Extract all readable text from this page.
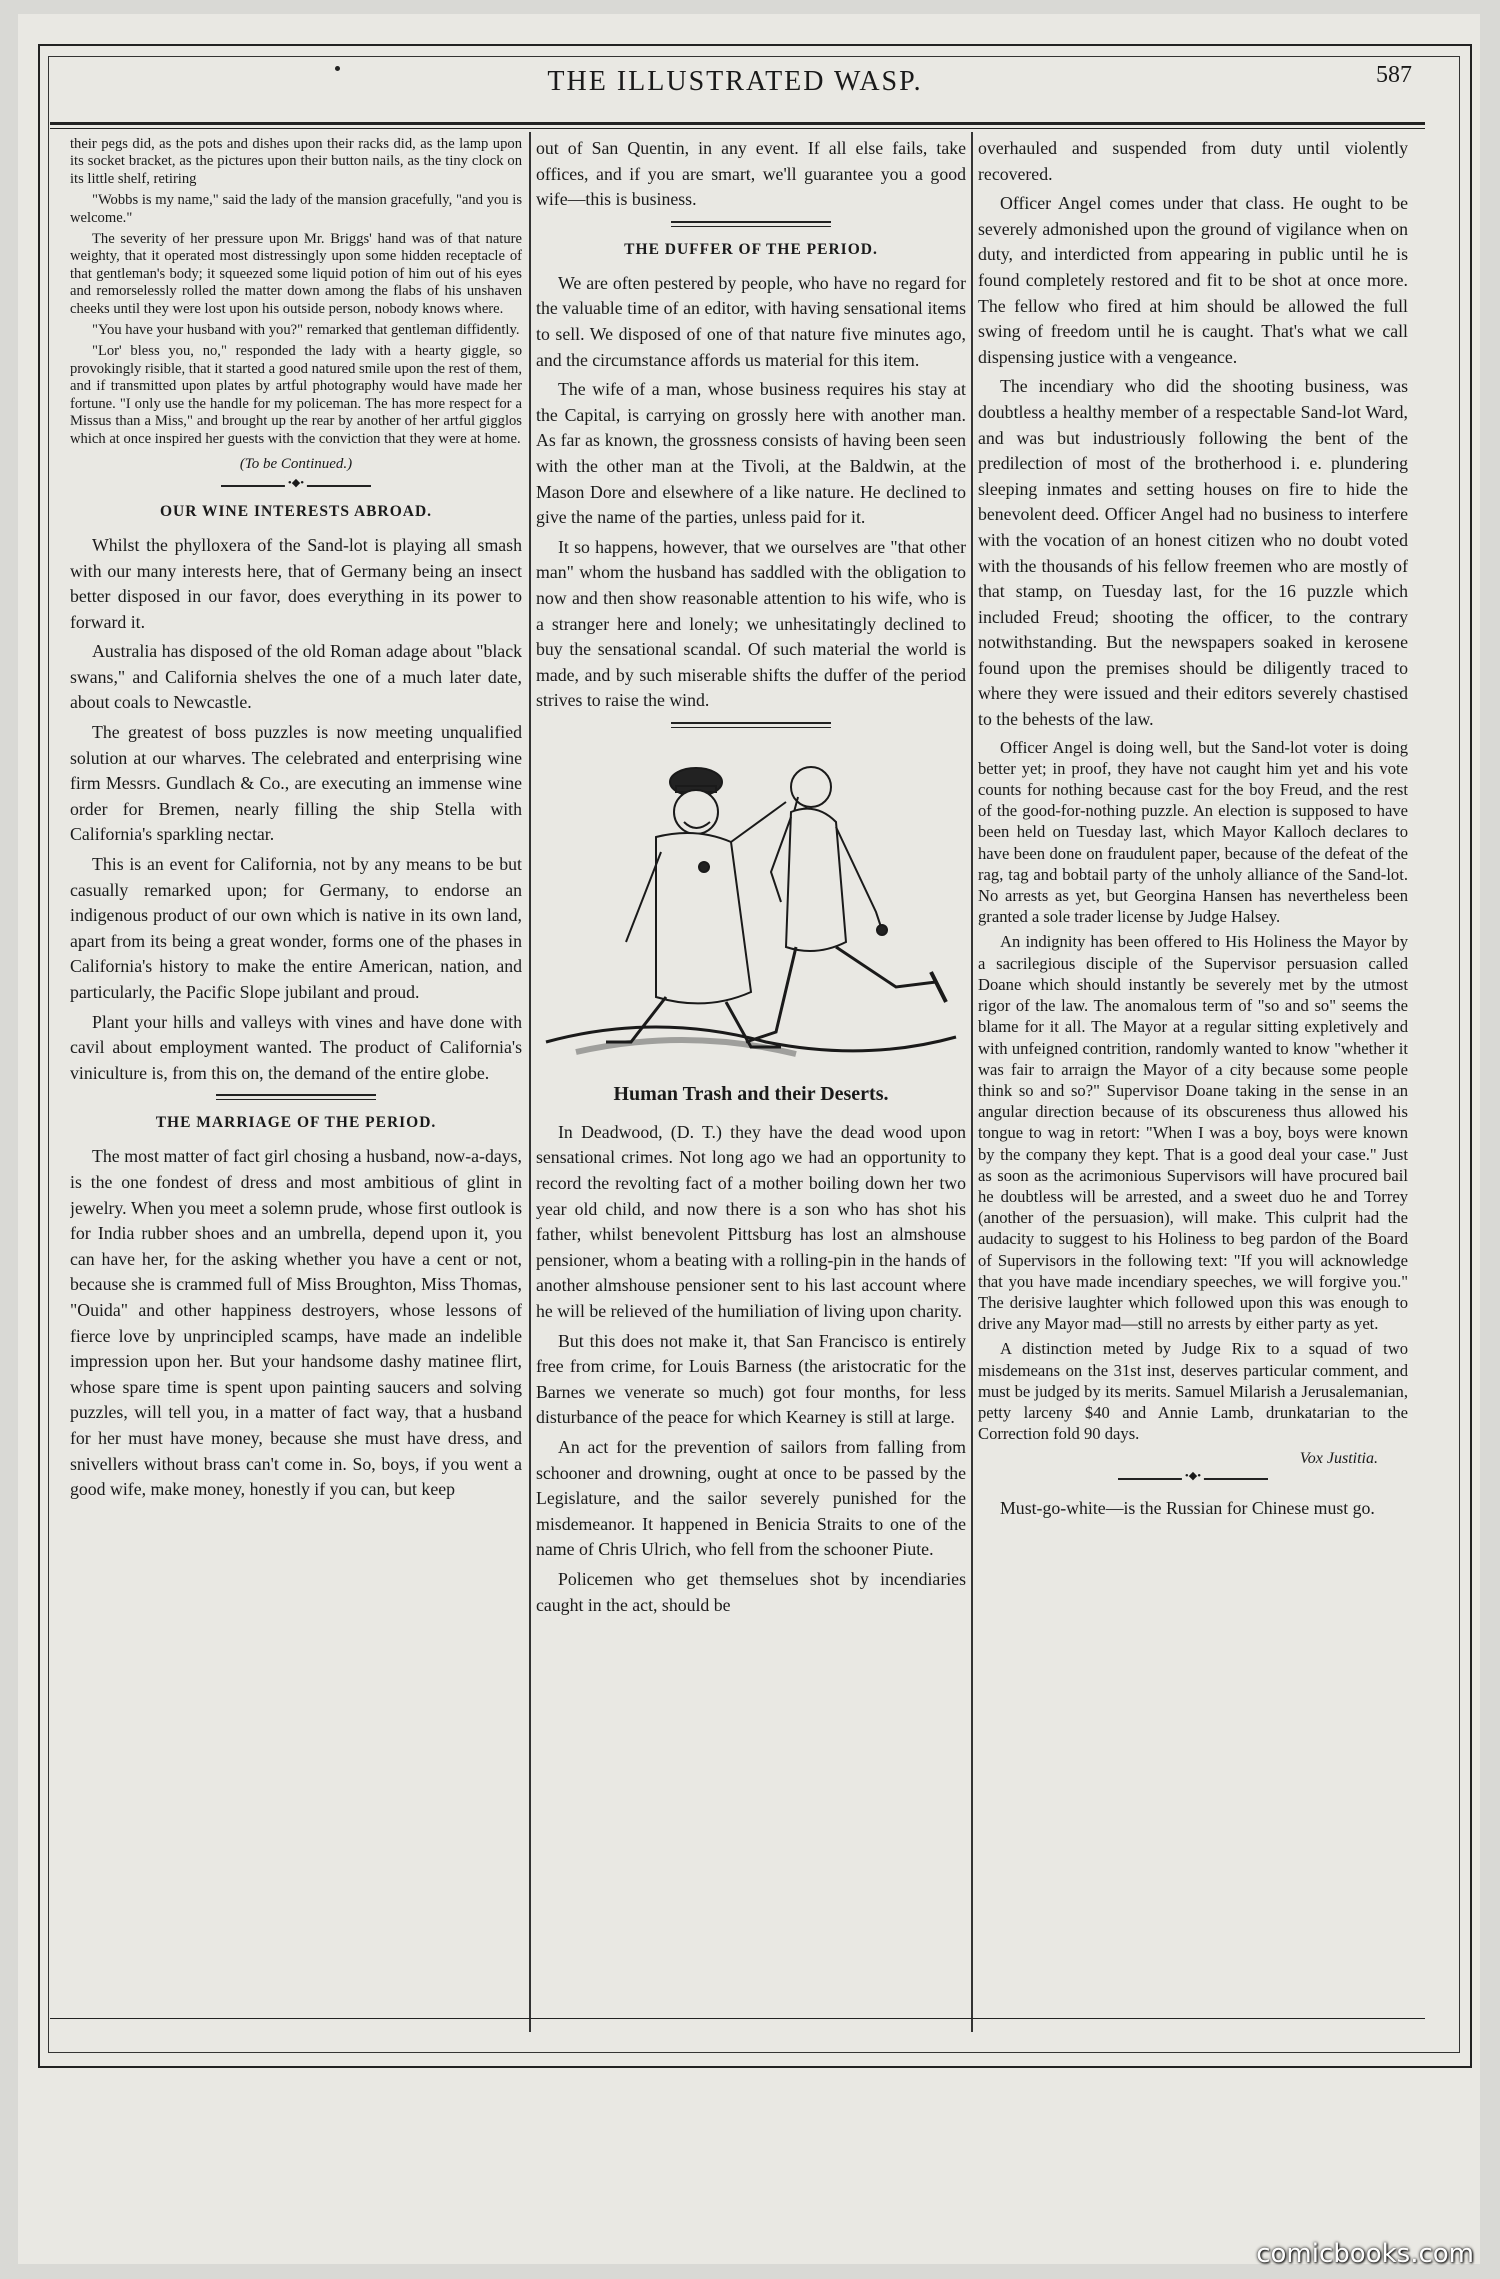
THE ILLUSTRATED WASP.	587

their pegs did, as the pots and dishes upon their racks did, as the lamp upon its socket bracket, as the pictures upon their button nails, as the tiny clock on its little shelf, retiring

"Wobbs is my name," said the lady of the mansion gracefully, "and you is welcome."

The severity of her pressure upon Mr. Briggs' hand was of that nature weighty, that it operated most distressingly upon some hidden receptacle of that gentleman's body; it squeezed some liquid potion of him out of his eyes and remorselessly rolled the matter down among the flabs of his unshaven cheeks until they were lost upon his outside person, nobody knows where.

"You have your husband with you?" remarked that gentleman diffidently.

"Lor' bless you, no," responded the lady with a hearty giggle, so provokingly risible, that it started a good natured smile upon the rest of them, and if transmitted upon plates by artful photography would have made her fortune. "I only use the handle for my policeman. The has more respect for a Missus than a Miss," and brought up the rear by another of her artful gigglos which at once inspired her guests with the conviction that they were at home.

(To be Continued.)
•◆•
OUR WINE INTERESTS ABROAD.

Whilst the phylloxera of the Sand-lot is playing all smash with our many interests here, that of Germany being an insect better disposed in our favor, does everything in its power to forward it.

Australia has disposed of the old Roman adage about "black swans," and California shelves the one of a much later date, about coals to Newcastle.

The greatest of boss puzzles is now meeting unqualified solution at our wharves. The celebrated and enterprising wine firm Messrs. Gundlach & Co., are executing an immense wine order for Bremen, nearly filling the ship Stella with California's sparkling nectar.

This is an event for California, not by any means to be but casually remarked upon; for Germany, to endorse an indigenous product of our own which is native in its own land, apart from its being a great wonder, forms one of the phases in California's history to make the entire American, nation, and particularly, the Pacific Slope jubilant and proud.

Plant your hills and valleys with vines and have done with cavil about employment wanted. The product of California's viniculture is, from this on, the demand of the entire globe.

THE MARRIAGE OF THE PERIOD.

The most matter of fact girl chosing a husband, now-a-days, is the one fondest of dress and most ambitious of glint in jewelry. When you meet a solemn prude, whose first outlook is for India rubber shoes and an umbrella, depend upon it, you can have her, for the asking whether you have a cent or not, because she is crammed full of Miss Broughton, Miss Thomas, "Ouida" and other happiness destroyers, whose lessons of fierce love by unprincipled scamps, have made an indelible impression upon her. But your handsome dashy matinee flirt, whose spare time is spent upon painting saucers and solving puzzles, will tell you, in a matter of fact way, that a husband for her must have money, because she must have dress, and snivellers without brass can't come in. So, boys, if you went a good wife, make money, honestly if you can, but keep

out of San Quentin, in any event. If all else fails, take offices, and if you are smart, we'll guarantee you a good wife—this is business.

THE DUFFER OF THE PERIOD.

We are often pestered by people, who have no regard for the valuable time of an editor, with having sensational items to sell. We disposed of one of that nature five minutes ago, and the circumstance affords us material for this item.

The wife of a man, whose business requires his stay at the Capital, is carrying on grossly here with another man. As far as known, the grossness consists of having been seen with the other man at the Tivoli, at the Baldwin, at the Mason Dore and elsewhere of a like nature. He declined to give the name of the parties, unless paid for it.

It so happens, however, that we ourselves are "that other man" whom the husband has saddled with the obligation to now and then show reasonable attention to his wife, who is a stranger here and lonely; we unhesitatingly declined to buy the sensational scandal. Of such material the world is made, and by such miserable shifts the duffer of the period strives to raise the wind.

Human Trash and their Deserts.

In Deadwood, (D. T.) they have the dead wood upon sensational crimes. Not long ago we had an opportunity to record the revolting fact of a mother boiling down her two year old child, and now there is a son who has shot his father, whilst benevolent Pittsburg has lost an almshouse pensioner, whom a beating with a rolling-pin in the hands of another almshouse pensioner sent to his last account where he will be relieved of the humiliation of living upon charity.

But this does not make it, that San Francisco is entirely free from crime, for Louis Barness (the aristocratic for the Barnes we venerate so much) got four months, for less disturbance of the peace for which Kearney is still at large.

An act for the prevention of sailors from falling from schooner and drowning, ought at once to be passed by the Legislature, and the sailor severely punished for the misdemeanor. It happened in Benicia Straits to one of the name of Chris Ulrich, who fell from the schooner Piute.

Policemen who get themselues shot by incendiaries caught in the act, should be

overhauled and suspended from duty until violently recovered.

Officer Angel comes under that class. He ought to be severely admonished upon the ground of vigilance when on duty, and interdicted from appearing in public until he is found completely restored and fit to be shot at once more. The fellow who fired at him should be allowed the full swing of freedom until he is caught. That's what we call dispensing justice with a vengeance.

The incendiary who did the shooting business, was doubtless a healthy member of a respectable Sand-lot Ward, and was but industriously following the bent of the predilection of most of the brotherhood i. e. plundering sleeping inmates and setting houses on fire to hide the benevolent deed. Officer Angel had no business to interfere with the vocation of an honest citizen who no doubt voted with the thousands of his fellow freemen who are mostly of that stamp, on Tuesday last, for the 16 puzzle which included Freud; shooting the officer, to the contrary notwithstanding. But the newspapers soaked in kerosene found upon the premises should be diligently traced to where they were issued and their editors severely chastised to the behests of the law.

Officer Angel is doing well, but the Sand-lot voter is doing better yet; in proof, they have not caught him yet and his vote counts for nothing because cast for the boy Freud, and the rest of the good-for-nothing puzzle. An election is supposed to have been held on Tuesday last, which Mayor Kalloch declares to have been done on fraudulent paper, because of the defeat of the rag, tag and bobtail party of the unholy alliance of the Sand-lot. No arrests as yet, but Georgina Hansen has nevertheless been granted a sole trader license by Judge Halsey.

An indignity has been offered to His Holiness the Mayor by a sacrilegious disciple of the Supervisor persuasion called Doane which should instantly be severely met by the utmost rigor of the law. The anomalous term of "so and so" seems the blame for it all. The Mayor at a regular sitting expletively and with unfeigned contrition, randomly wanted to know "whether it was fair to arraign the Mayor of a city because some people think so and so?" Supervisor Doane taking in the sense in an angular direction because of its obscureness thus allowed his tongue to wag in retort: "When I was a boy, boys were known by the company they kept. That is a good deal your case." Just as soon as the acrimonious Supervisors will have procured bail he doubtless will be arrested, and a sweet duo he and Torrey (another of the persuasion), will make. This culprit had the audacity to suggest to his Holiness to beg pardon of the Board of Supervisors in the following text: "If you will acknowledge that you have made incendiary speeches, we will forgive you." The derisive laughter which followed upon this was enough to drive any Mayor mad—still no arrests by either party as yet.

A distinction meted by Judge Rix to a squad of two misdemeans on the 31st inst, deserves particular comment, and must be judged by its merits. Samuel Milarish a Jerusalemanian, petty larceny $40 and Annie Lamb, drunkatarian to the Correction fold 90 days.

Vox Justitia.
•◆•

Must-go-white—is the Russian for Chinese must go.

comicbooks.com
